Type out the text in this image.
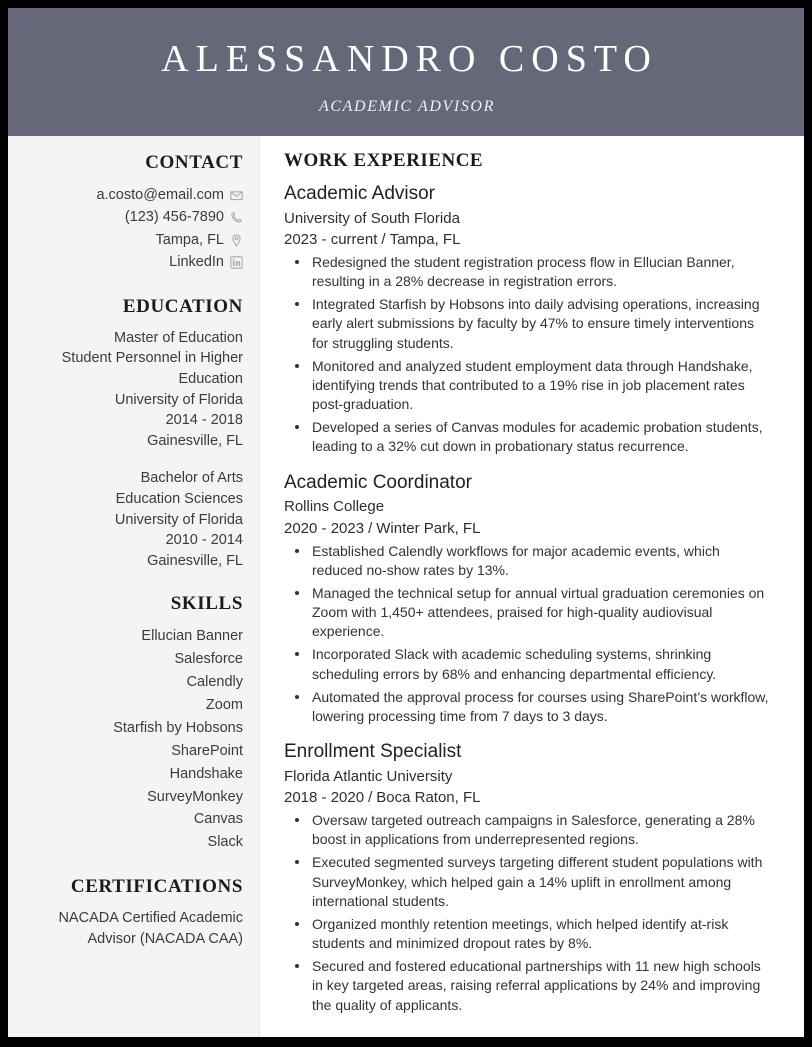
ALESSANDRO COSTO
ACADEMIC ADVISOR
CONTACT
a.costo@email.com
(123) 456-7890
Tampa, FL
LinkedIn
EDUCATION
Master of Education
Student Personnel in Higher Education
University of Florida
2014 - 2018
Gainesville, FL
Bachelor of Arts
Education Sciences
University of Florida
2010 - 2014
Gainesville, FL
SKILLS
Ellucian Banner
Salesforce
Calendly
Zoom
Starfish by Hobsons
SharePoint
Handshake
SurveyMonkey
Canvas
Slack
CERTIFICATIONS
NACADA Certified Academic Advisor (NACADA CAA)
WORK EXPERIENCE
Academic Advisor
University of South Florida
2023 - current / Tampa, FL
Redesigned the student registration process flow in Ellucian Banner, resulting in a 28% decrease in registration errors.
Integrated Starfish by Hobsons into daily advising operations, increasing early alert submissions by faculty by 47% to ensure timely interventions for struggling students.
Monitored and analyzed student employment data through Handshake, identifying trends that contributed to a 19% rise in job placement rates post-graduation.
Developed a series of Canvas modules for academic probation students, leading to a 32% cut down in probationary status recurrence.
Academic Coordinator
Rollins College
2020 - 2023 / Winter Park, FL
Established Calendly workflows for major academic events, which reduced no-show rates by 13%.
Managed the technical setup for annual virtual graduation ceremonies on Zoom with 1,450+ attendees, praised for high-quality audiovisual experience.
Incorporated Slack with academic scheduling systems, shrinking scheduling errors by 68% and enhancing departmental efficiency.
Automated the approval process for courses using SharePoint’s workflow, lowering processing time from 7 days to 3 days.
Enrollment Specialist
Florida Atlantic University
2018 - 2020 / Boca Raton, FL
Oversaw targeted outreach campaigns in Salesforce, generating a 28% boost in applications from underrepresented regions.
Executed segmented surveys targeting different student populations with SurveyMonkey, which helped gain a 14% uplift in enrollment among international students.
Organized monthly retention meetings, which helped identify at-risk students and minimized dropout rates by 8%.
Secured and fostered educational partnerships with 11 new high schools in key targeted areas, raising referral applications by 24% and improving the quality of applicants.
